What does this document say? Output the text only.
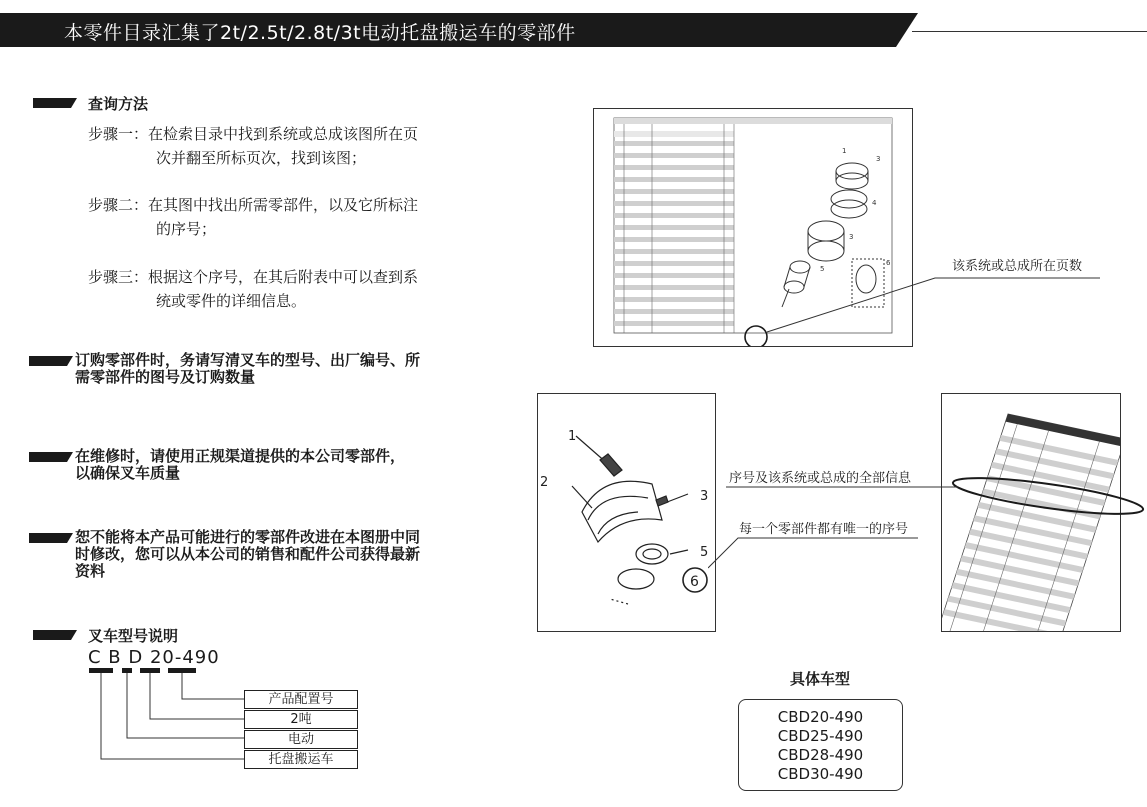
本零件目录汇集了2t/2.5t/2.8t/3t电动托盘搬运车的零部件
查询方法
步骤一：在检索目录中找到系统或总成该图所在页
次并翻至所标页次，找到该图；
步骤二：在其图中找出所需零部件，以及它所标注
的序号；
步骤三：根据这个序号，在其后附表中可以查到系
统或零件的详细信息。
订购零部件时，务请写清叉车的型号、出厂编号、所
需零部件的图号及订购数量
在维修时，请使用正规渠道提供的本公司零部件，
以确保叉车质量
恕不能将本产品可能进行的零部件改进在本图册中同
时修改，您可以从本公司的销售和配件公司获得最新
资料
叉车型号说明
C B D 20-490
产品配置号
2吨
电动
托盘搬运车
1
3
4
3
5
6	该系统或总成所在页数
1
2
3
5
6
序号及该系统或总成的全部信息
每一个零部件都有唯一的序号
具体车型
CBD20-490
CBD25-490
CBD28-490
CBD30-490
